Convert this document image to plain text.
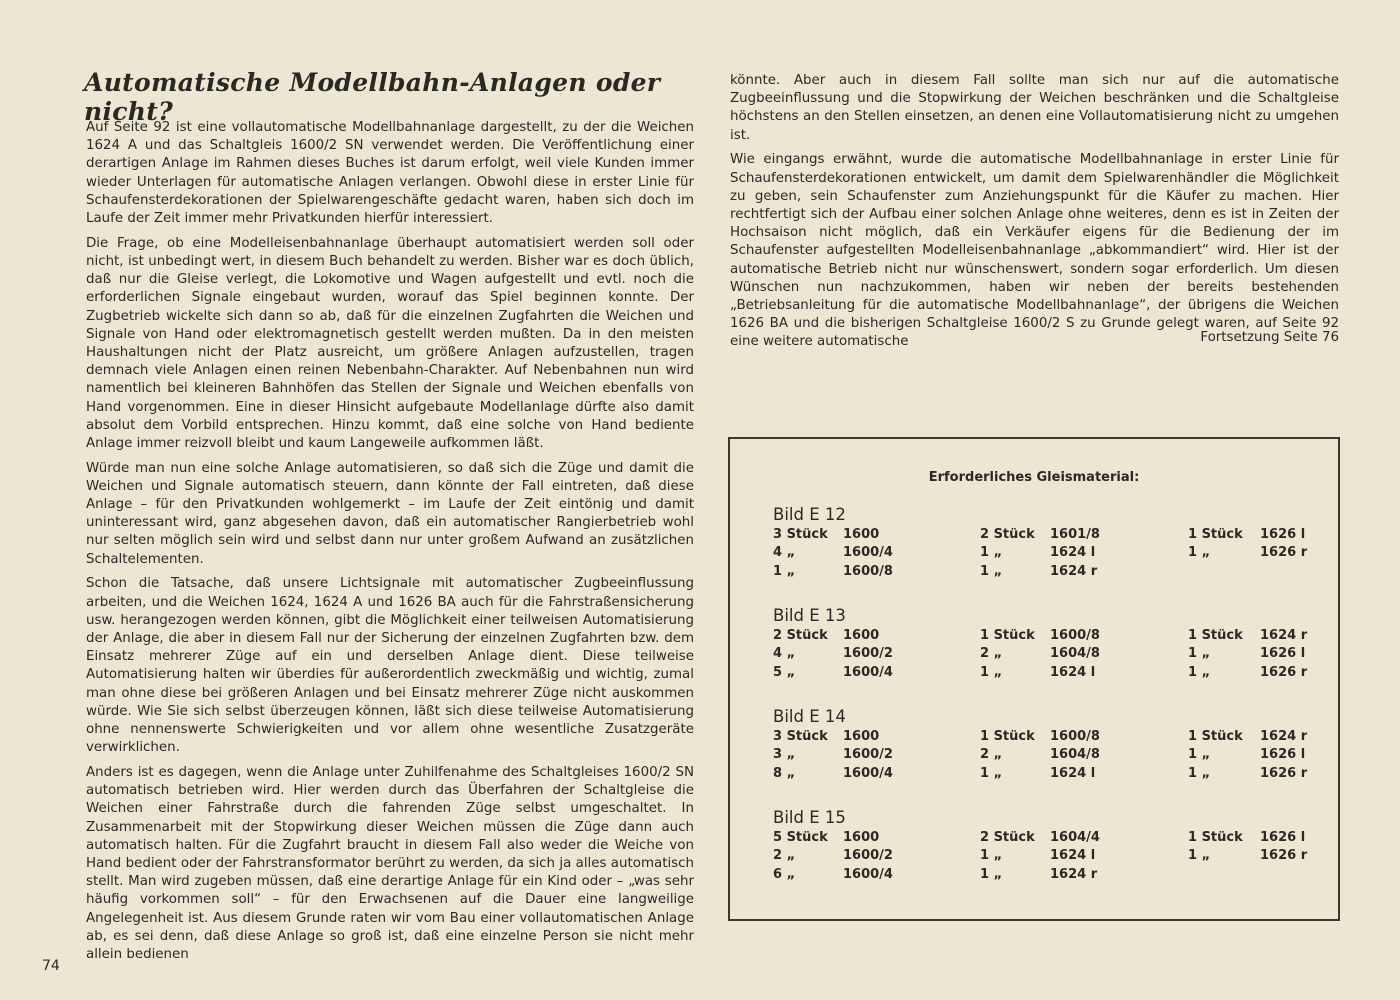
Automatische Modellbahn-Anlagen oder nicht?

Auf Seite 92 ist eine vollautomatische Modellbahnanlage dargestellt, zu der die Weichen 1624 A und das Schaltgleis 1600/2 SN verwendet werden. Die Veröffentlichung einer derartigen Anlage im Rahmen dieses Buches ist darum erfolgt, weil viele Kunden immer wieder Unterlagen für automatische Anlagen verlangen. Obwohl diese in erster Linie für Schaufensterdekorationen der Spielwarengeschäfte gedacht waren, haben sich doch im Laufe der Zeit immer mehr Privatkunden hierfür interessiert.

Die Frage, ob eine Modelleisenbahnanlage überhaupt automatisiert werden soll oder nicht, ist unbedingt wert, in diesem Buch behandelt zu werden. Bisher war es doch üblich, daß nur die Gleise verlegt, die Lokomotive und Wagen aufgestellt und evtl. noch die erforderlichen Signale eingebaut wurden, worauf das Spiel beginnen konnte. Der Zugbetrieb wickelte sich dann so ab, daß für die einzelnen Zugfahrten die Weichen und Signale von Hand oder elektromagnetisch gestellt werden mußten. Da in den meisten Haushaltungen nicht der Platz ausreicht, um größere Anlagen aufzustellen, tragen demnach viele Anlagen einen reinen Nebenbahn-Charakter. Auf Nebenbahnen nun wird namentlich bei kleineren Bahnhöfen das Stellen der Signale und Weichen ebenfalls von Hand vorgenommen. Eine in dieser Hinsicht aufgebaute Modellanlage dürfte also damit absolut dem Vorbild entsprechen. Hinzu kommt, daß eine solche von Hand bediente Anlage immer reizvoll bleibt und kaum Langeweile aufkommen läßt.

Würde man nun eine solche Anlage automatisieren, so daß sich die Züge und damit die Weichen und Signale automatisch steuern, dann könnte der Fall eintreten, daß diese Anlage – für den Privatkunden wohlgemerkt – im Laufe der Zeit eintönig und damit uninteressant wird, ganz abgesehen davon, daß ein automatischer Rangierbetrieb wohl nur selten möglich sein wird und selbst dann nur unter großem Aufwand an zusätzlichen Schaltelementen.

Schon die Tatsache, daß unsere Lichtsignale mit automatischer Zugbeeinflussung arbeiten, und die Weichen 1624, 1624 A und 1626 BA auch für die Fahrstraßensicherung usw. herangezogen werden können, gibt die Möglichkeit einer teilweisen Automatisierung der Anlage, die aber in diesem Fall nur der Sicherung der einzelnen Zugfahrten bzw. dem Einsatz mehrerer Züge auf ein und derselben Anlage dient. Diese teilweise Automatisierung halten wir überdies für außerordentlich zweckmäßig und wichtig, zumal man ohne diese bei größeren Anlagen und bei Einsatz mehrerer Züge nicht auskommen würde. Wie Sie sich selbst überzeugen können, läßt sich diese teilweise Automatisierung ohne nennenswerte Schwierigkeiten und vor allem ohne wesentliche Zusatzgeräte verwirklichen.

Anders ist es dagegen, wenn die Anlage unter Zuhilfenahme des Schaltgleises 1600/2 SN automatisch betrieben wird. Hier werden durch das Überfahren der Schaltgleise die Weichen einer Fahrstraße durch die fahrenden Züge selbst umgeschaltet. In Zusammenarbeit mit der Stopwirkung dieser Weichen müssen die Züge dann auch automatisch halten. Für die Zugfahrt braucht in diesem Fall also weder die Weiche von Hand bedient oder der Fahrstransformator berührt zu werden, da sich ja alles automatisch stellt. Man wird zugeben müssen, daß eine derartige Anlage für ein Kind oder – „was sehr häufig vorkommen soll“ – für den Erwachsenen auf die Dauer eine langweilige Angelegenheit ist. Aus diesem Grunde raten wir vom Bau einer vollautomatischen Anlage ab, es sei denn, daß diese Anlage so groß ist, daß eine einzelne Person sie nicht mehr allein bedienen

könnte. Aber auch in diesem Fall sollte man sich nur auf die automatische Zugbeeinflussung und die Stopwirkung der Weichen beschränken und die Schaltgleise höchstens an den Stellen einsetzen, an denen eine Vollautomatisierung nicht zu umgehen ist.

Wie eingangs erwähnt, wurde die automatische Modellbahnanlage in erster Linie für Schaufensterdekorationen entwickelt, um damit dem Spielwarenhändler die Möglichkeit zu geben, sein Schaufenster zum Anziehungspunkt für die Käufer zu machen. Hier rechtfertigt sich der Aufbau einer solchen Anlage ohne weiteres, denn es ist in Zeiten der Hochsaison nicht möglich, daß ein Verkäufer eigens für die Bedienung der im Schaufenster aufgestellten Modelleisenbahnanlage „abkommandiert“ wird. Hier ist der automatische Betrieb nicht nur wünschenswert, sondern sogar erforderlich. Um diesen Wünschen nun nachzukommen, haben wir neben der bereits bestehenden „Betriebsanleitung für die automatische Modellbahnanlage“, der übrigens die Weichen 1626 BA und die bisherigen Schaltgleise 1600/2 S zu Grunde gelegt waren, auf Seite 92 eine weitere automatische	Fortsetzung Seite 76
Erforderliches Gleismaterial:
Bild E 12
3 Stück 1600	2 Stück 1601/8	1 Stück 1626 l
4 „	1600/4	1 „	1624 l	1 „	1626 r
1 „	1600/8	1 „	1624 r
Bild E 13
2 Stück 1600	1 Stück 1600/8	1 Stück 1624 r
4 „	1600/2	2 „	1604/8	1 „	1626 l
5 „	1600/4	1 „	1624 l	1 „	1626 r
Bild E 14
3 Stück 1600	1 Stück 1600/8	1 Stück 1624 r
3 „	1600/2	2 „	1604/8	1 „	1626 l
8 „	1600/4	1 „	1624 l	1 „	1626 r
Bild E 15
5 Stück 1600	2 Stück 1604/4	1 Stück 1626 l
2 „	1600/2	1 „	1624 l	1 „	1626 r
6 „	1600/4	1 „	1624 r
74
